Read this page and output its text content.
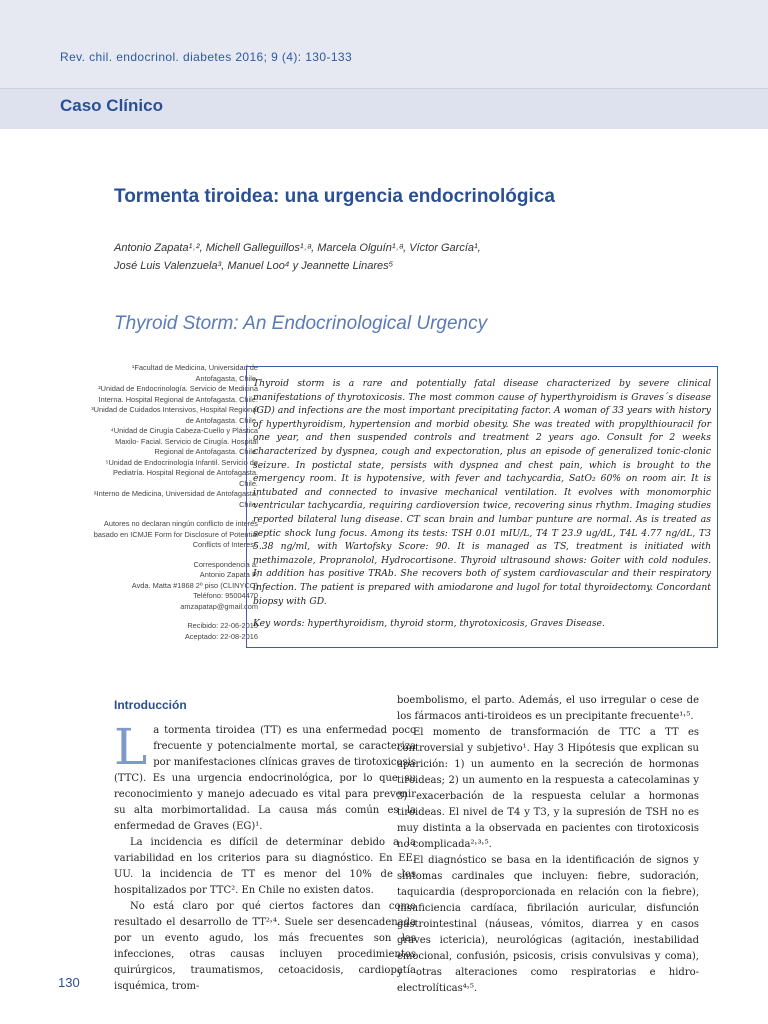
Rev. chil. endocrinol. diabetes 2016; 9 (4): 130-133
Caso Clínico
Tormenta tiroidea: una urgencia endocrinológica
Antonio Zapata¹˒², Michell Galleguillos¹˒ᵃ, Marcela Olguín¹˒ᵃ, Víctor García¹,
José Luis Valenzuela³, Manuel Loo⁴ y Jeannette Linares⁵
Thyroid Storm: An Endocrinological Urgency
¹Facultad de Medicina, Universidad de
Antofagasta, Chile.
²Unidad de Endocrinología. Servicio de Medicina
Interna. Hospital Regional de Antofagasta. Chile.
³Unidad de Cuidados Intensivos, Hospital Regional
de Antofagasta. Chile.
⁴Unidad de Cirugía Cabeza-Cuello y Plástica
Maxilo- Facial. Servicio de Cirugía. Hospital
Regional de Antofagasta. Chile.
⁵Unidad de Endocrinología Infantil. Servicio de
Pediatría. Hospital Regional de Antofagasta.
Chile.
ᵃInterno de Medicina, Universidad de Antofagasta,
Chile.
Autores no declaran ningún conflicto de interés
basado en ICMJE Form for Disclosure of Potential
Conflicts of Interest.
Correspondencia a:
Antonio Zapata P.
Avda. Matta #1868 2º piso (CLINYCO)
Teléfono: 95004470
amzapatap@gmail.com
Recibido: 22-06-2015
Aceptado: 22-08-2016

Thyroid storm is a rare and potentially fatal disease characterized by severe clinical manifestations of thyrotoxicosis. The most common cause of hyperthyroidism is Graves´s disease (GD) and infections are the most important precipitating factor. A woman of 33 years with history of hyperthyroidism, hypertension and morbid obesity. She was treated with propylthiouracil for one year, and then suspended controls and treatment 2 years ago. Consult for 2 weeks characterized by dyspnea, cough and expectoration, plus an episode of generalized tonic-clonic seizure. In postictal state, persists with dyspnea and chest pain, which is brought to the emergency room. It is hypotensive, with fever and tachycardia, SatO₂ 60% on room air. It is intubated and connected to invasive mechanical ventilation. It evolves with monomorphic ventricular tachycardia, requiring cardioversion twice, recovering sinus rhythm. Imaging studies reported bilateral lung disease. CT scan brain and lumbar punture are normal. As is treated as septic shock lung focus. Among its tests: TSH 0.01 mIU/L, T4 T 23.9 ug/dL, T4L 4.77 ng/dL, T3 5.38 ng/ml, with Wartofsky Score: 90. It is managed as TS, treatment is initiated with methimazole, Propranolol, Hydrocortisone. Thyroid ultrasound shows: Goiter with cold nodules. In addition has positive TRAb. She recovers both of system cardiovascular and their respiratory infection. The patient is prepared with amiodarone and lugol for total thyroidectomy. Concordant biopsy with GD.

Key words: hyperthyroidism, thyroid storm, thyrotoxicosis, Graves Disease.

Introducción

La tormenta tiroidea (TT) es una enfermedad poco frecuente y potencialmente mortal, se caracteriza por manifestaciones clínicas graves de tirotoxicosis (TTC). Es una urgencia endocrinológica, por lo que su reconocimiento y manejo adecuado es vital para prevenir su alta morbimortalidad. La causa más común es la enfermedad de Graves (EG)¹.

La incidencia es difícil de determinar debido a la variabilidad en los criterios para su diagnóstico. En EE. UU. la incidencia de TT es menor del 10% de los hospitalizados por TTC². En Chile no existen datos.

No está claro por qué ciertos factores dan como resultado el desarrollo de TT²˒⁴. Suele ser desencadenada por un evento agudo, los más frecuentes son las infecciones, otras causas incluyen procedimientos quirúrgicos, traumatismos, cetoacidosis, cardiopatía isquémica, trom-

boembolismo, el parto. Además, el uso irregular o cese de los fármacos anti-tiroideos es un precipitante frecuente¹˒⁵.

El momento de transformación de TTC a TT es controversial y subjetivo¹. Hay 3 Hipótesis que explican su aparición: 1) un aumento en la secreción de hormonas tiroideas; 2) un aumento en la respuesta a catecolaminas y 3) exacerbación de la respuesta celular a hormonas tiroideas. El nivel de T4 y T3, y la supresión de TSH no es muy distinta a la observada en pacientes con tirotoxicosis no complicada²˒³˒⁵.

El diagnóstico se basa en la identificación de signos y síntomas cardinales que incluyen: fiebre, sudoración, taquicardia (desproporcionada en relación con la fiebre), insuficiencia cardíaca, fibrilación auricular, disfunción gastrointestinal (náuseas, vómitos, diarrea y en casos graves ictericia), neurológicas (agitación, inestabilidad emocional, confusión, psicosis, crisis convulsivas y coma), y otras alteraciones como respiratorias e hidro-electrolíticas⁴˒⁵.

130
